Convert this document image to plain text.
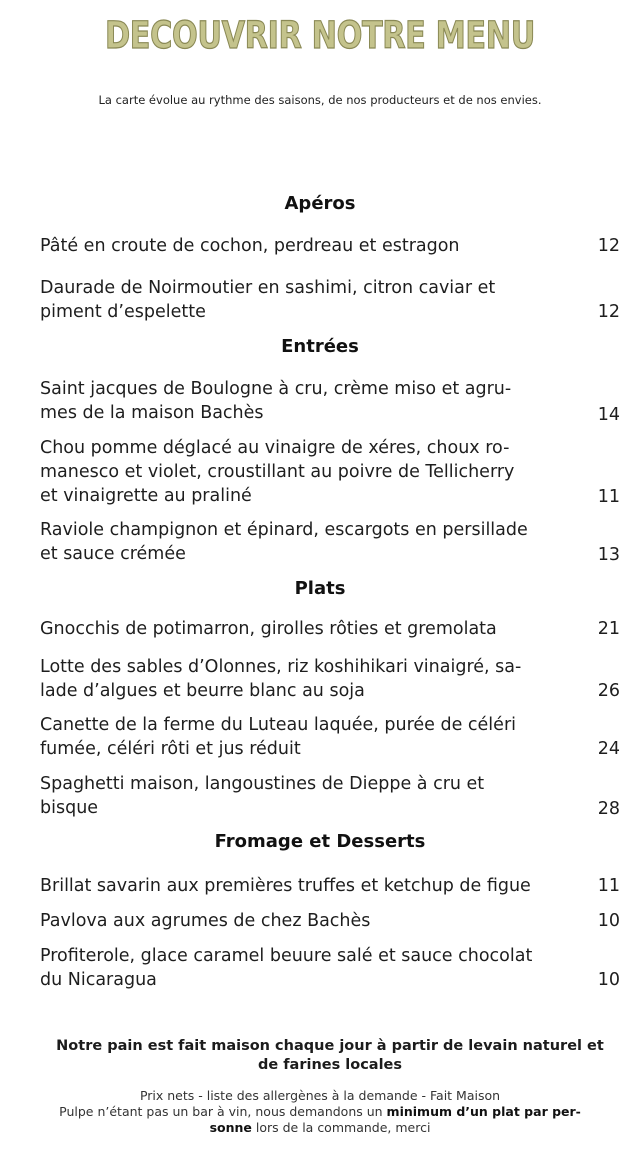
DECOUVRIR NOTRE MENU
La carte évolue au rythme des saisons, de nos producteurs et de nos envies.
Apéros
Pâté en croute de cochon, perdreau et estragon	12
Daurade de Noirmoutier en sashimi, citron caviar et
piment d’espelette	12
Entrées
Saint jacques de Boulogne à cru, crème miso et agru-
mes de la maison Bachès	14
Chou pomme déglacé au vinaigre de xéres, choux ro-
manesco et violet, croustillant au poivre de Tellicherry
et vinaigrette au praliné	11
Raviole champignon et épinard, escargots en persillade
et sauce crémée	13
Plats
Gnocchis de potimarron, girolles rôties et gremolata	21
Lotte des sables d’Olonnes, riz koshihikari vinaigré, sa-
lade d’algues et beurre blanc au soja	26
Canette de la ferme du Luteau laquée, purée de céléri
fumée, céléri rôti et jus réduit	24
Spaghetti maison, langoustines de Dieppe à cru et
bisque	28
Fromage et Desserts
Brillat savarin aux premières truffes et ketchup de figue	11
Pavlova aux agrumes de chez Bachès	10
Profiterole, glace caramel beuure salé et sauce chocolat
du Nicaragua	10
Notre pain est fait maison chaque jour à partir de levain naturel et de farines locales
Prix nets - liste des allergènes à la demande - Fait Maison
Pulpe n’étant pas un bar à vin, nous demandons un minimum d’un plat par per-
sonne lors de la commande, merci
